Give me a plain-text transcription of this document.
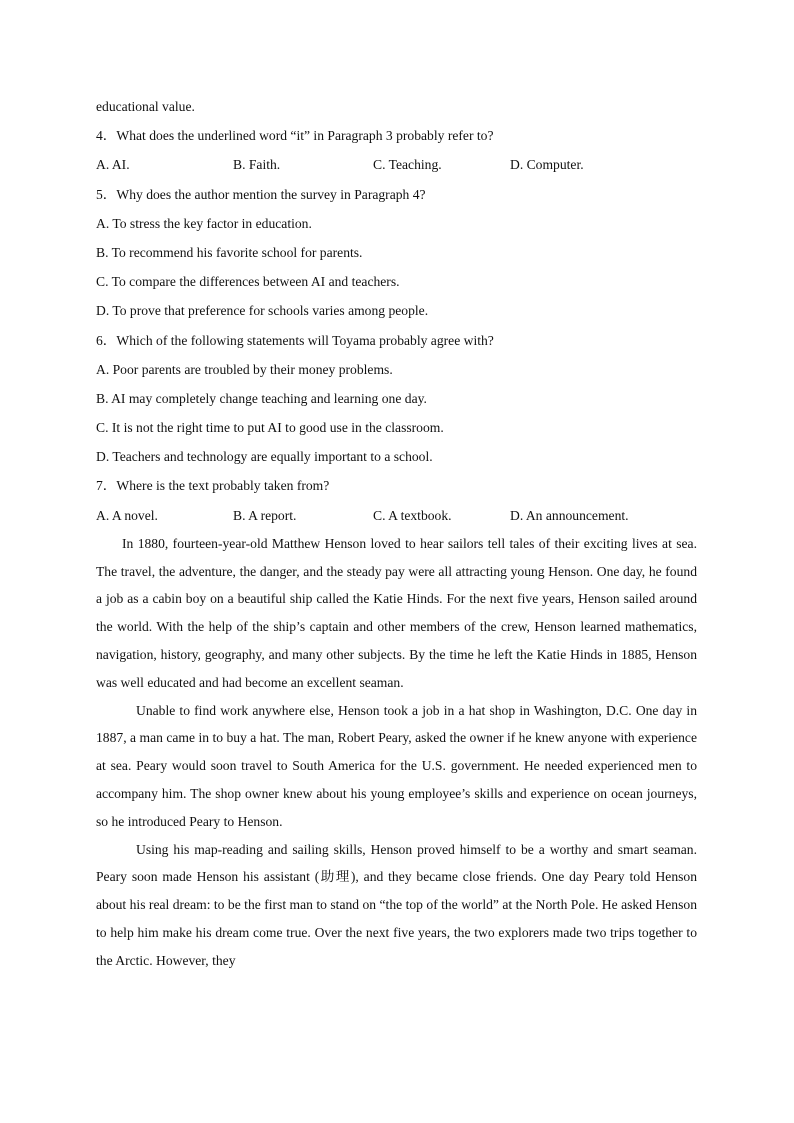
educational value.
4．What does the underlined word “it” in Paragraph 3 probably refer to?
A. AI.	B. Faith.	C. Teaching.	D. Computer.
5．Why does the author mention the survey in Paragraph 4?
A. To stress the key factor in education.
B. To recommend his favorite school for parents.
C. To compare the differences between AI and teachers.
D. To prove that preference for schools varies among people.
6．Which of the following statements will Toyama probably agree with?
A. Poor parents are troubled by their money problems.
B. AI may completely change teaching and learning one day.
C. It is not the right time to put AI to good use in the classroom.
D. Teachers and technology are equally important to a school.
7．Where is the text probably taken from?
A. A novel.	B. A report.	C. A textbook.	D. An announcement.

In 1880, fourteen-year-old Matthew Henson loved to hear sailors tell tales of their exciting lives at sea. The travel, the adventure, the danger, and the steady pay were all attracting young Henson. One day, he found a job as a cabin boy on a beautiful ship called the Katie Hinds. For the next five years, Henson sailed around the world. With the help of the ship’s captain and other members of the crew, Henson learned mathematics, navigation, history, geography, and many other subjects. By the time he left the Katie Hinds in 1885, Henson was well educated and had become an excellent seaman.

Unable to find work anywhere else, Henson took a job in a hat shop in Washington, D.C. One day in 1887, a man came in to buy a hat. The man, Robert Peary, asked the owner if he knew anyone with experience at sea. Peary would soon travel to South America for the U.S. government. He needed experienced men to accompany him. The shop owner knew about his young employee’s skills and experience on ocean journeys, so he introduced Peary to Henson.

Using his map-reading and sailing skills, Henson proved himself to be a worthy and smart seaman. Peary soon made Henson his assistant (助理), and they became close friends. One day Peary told Henson about his real dream: to be the first man to stand on “the top of the world” at the North Pole. He asked Henson to help him make his dream come true. Over the next five years, the two explorers made two trips together to the Arctic. However, they
